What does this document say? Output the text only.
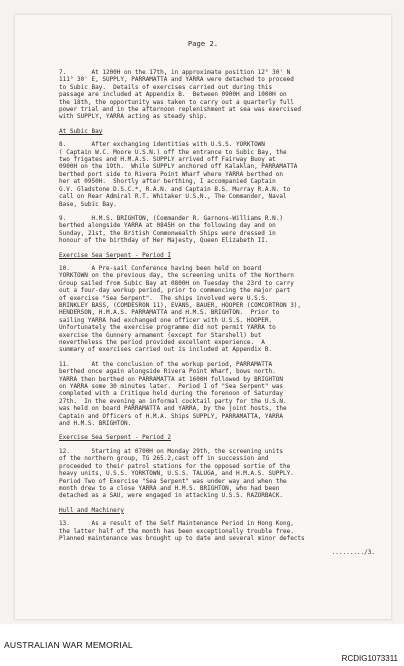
Page 2.

7.       At 1200H on the 17th, in approximate position 12° 30' N
111° 30' E, SUPPLY, PARRAMATTA and YARRA were detached to proceed
to Subic Bay.  Details of exercises carried out during this
passage are included at Appendix B.  Between 0900H and 1000H on
the 18th, the opportunity was taken to carry out a quarterly full
power trial and in the afternoon replenishment at sea was exercised
with SUPPLY, YARRA acting as steady ship.

At Subic Bay

8.       After exchanging identities with U.S.S. YORKTOWN
( Captain W.C. Moore U.S.N.) off the entrance to Subic Bay, the
two frigates and H.M.A.S. SUPPLY arrived off Fairway Buoy at
0900H on the 19th.  While SUPPLY anchored off Kalaklan, PARRAMATTA
berthed port side to Rivera Point Wharf where YARRA berthed on
her at 0950H.  Shortly after berthing, I accompanied Captain
G.V. Gladstone D.S.C.*, R.A.N. and Captain B.S. Murray R.A.N. to
call on Rear Admiral R.T. Whitaker U.S.N., The Commander, Naval
Base, Subic Bay.

9.       H.M.S. BRIGHTON, (Commander R. Garnons-Williams R.N.)
berthed alongside YARRA at 0845H on the following day and on
Sunday, 21st, the British Commonwealth Ships were dressed in
honour of the birthday of Her Majesty, Queen Elizabeth II.

Exercise Sea Serpent - Period I

10.      A Pre-sail Conference having been held on board
YORKTOWN on the previous day, the screening units of the Northern
Group sailed from Subic Bay at 0800H on Tuesday the 23rd to carry
out a four-day workup period, prior to commencing the major part
of exercise "Sea Serpent".  The ships involved were U.S.S.
BRINKLEY BASS, (COMDESRON 11), EVANS, BAUER, HOOPER (COMCORTRON 3),
HENDERSON, H.M.A.S. PARRAMATTA and H.M.S. BRIGHTON.  Prior to
sailing YARRA had exchanged one officer with U.S.S. HOOPER.
Unfortunately the exercise programme did not permit YARRA to
exercise the Gunnery armament (except for Starshell) but
nevertheless the period provided excellent experience.  A
summary of exercises carried out is included at Appendix B.

11.      At the conclusion of the workup period, PARRAMATTA
berthed once again alongside Rivera Point Wharf, bows north.
YARRA then berthed on PARRAMATTA at 1600H followed by BRIGHTON
on YARRA some 30 minutes later.  Period I of "Sea Serpent" was
completed with a Critique held during the forenoon of Saturday
27th.  In the evening an informal cocktail party for the U.S.N.
was held on board PARRAMATTA and YARRA, by the joint hosts, the
Captain and Officers of H.M.A. Ships SUPPLY, PARRAMATTA, YARRA
and H.M.S. BRIGHTON.

Exercise Sea Serpent - Period 2

12.      Starting at 0700H on Monday 29th, the screening units
of the northern group, TG 265.2,cast off in succession and
proceeded to their patrol stations for the opposed sortie of the
heavy units, U.S.S. YORKTOWN, U.S.S. TALUGA, and H.M.A.S. SUPPLY.
Period Two of Exercise "Sea Serpent" was under way and when the
month drew to a close YARRA and H.M.S. BRIGHTON, who had been
detached as a SAU, were engaged in attacking U.S.S. RAZORBACK.

Hull and Machinery

13.      As a result of the Self Maintenance Period in Hong Kong,
the latter half of the month has been exceptionally trouble free.
Planned maintenance was brought up to date and several minor defects

........./3.
AUSTRALIAN WAR MEMORIAL
RCDIG1073311
